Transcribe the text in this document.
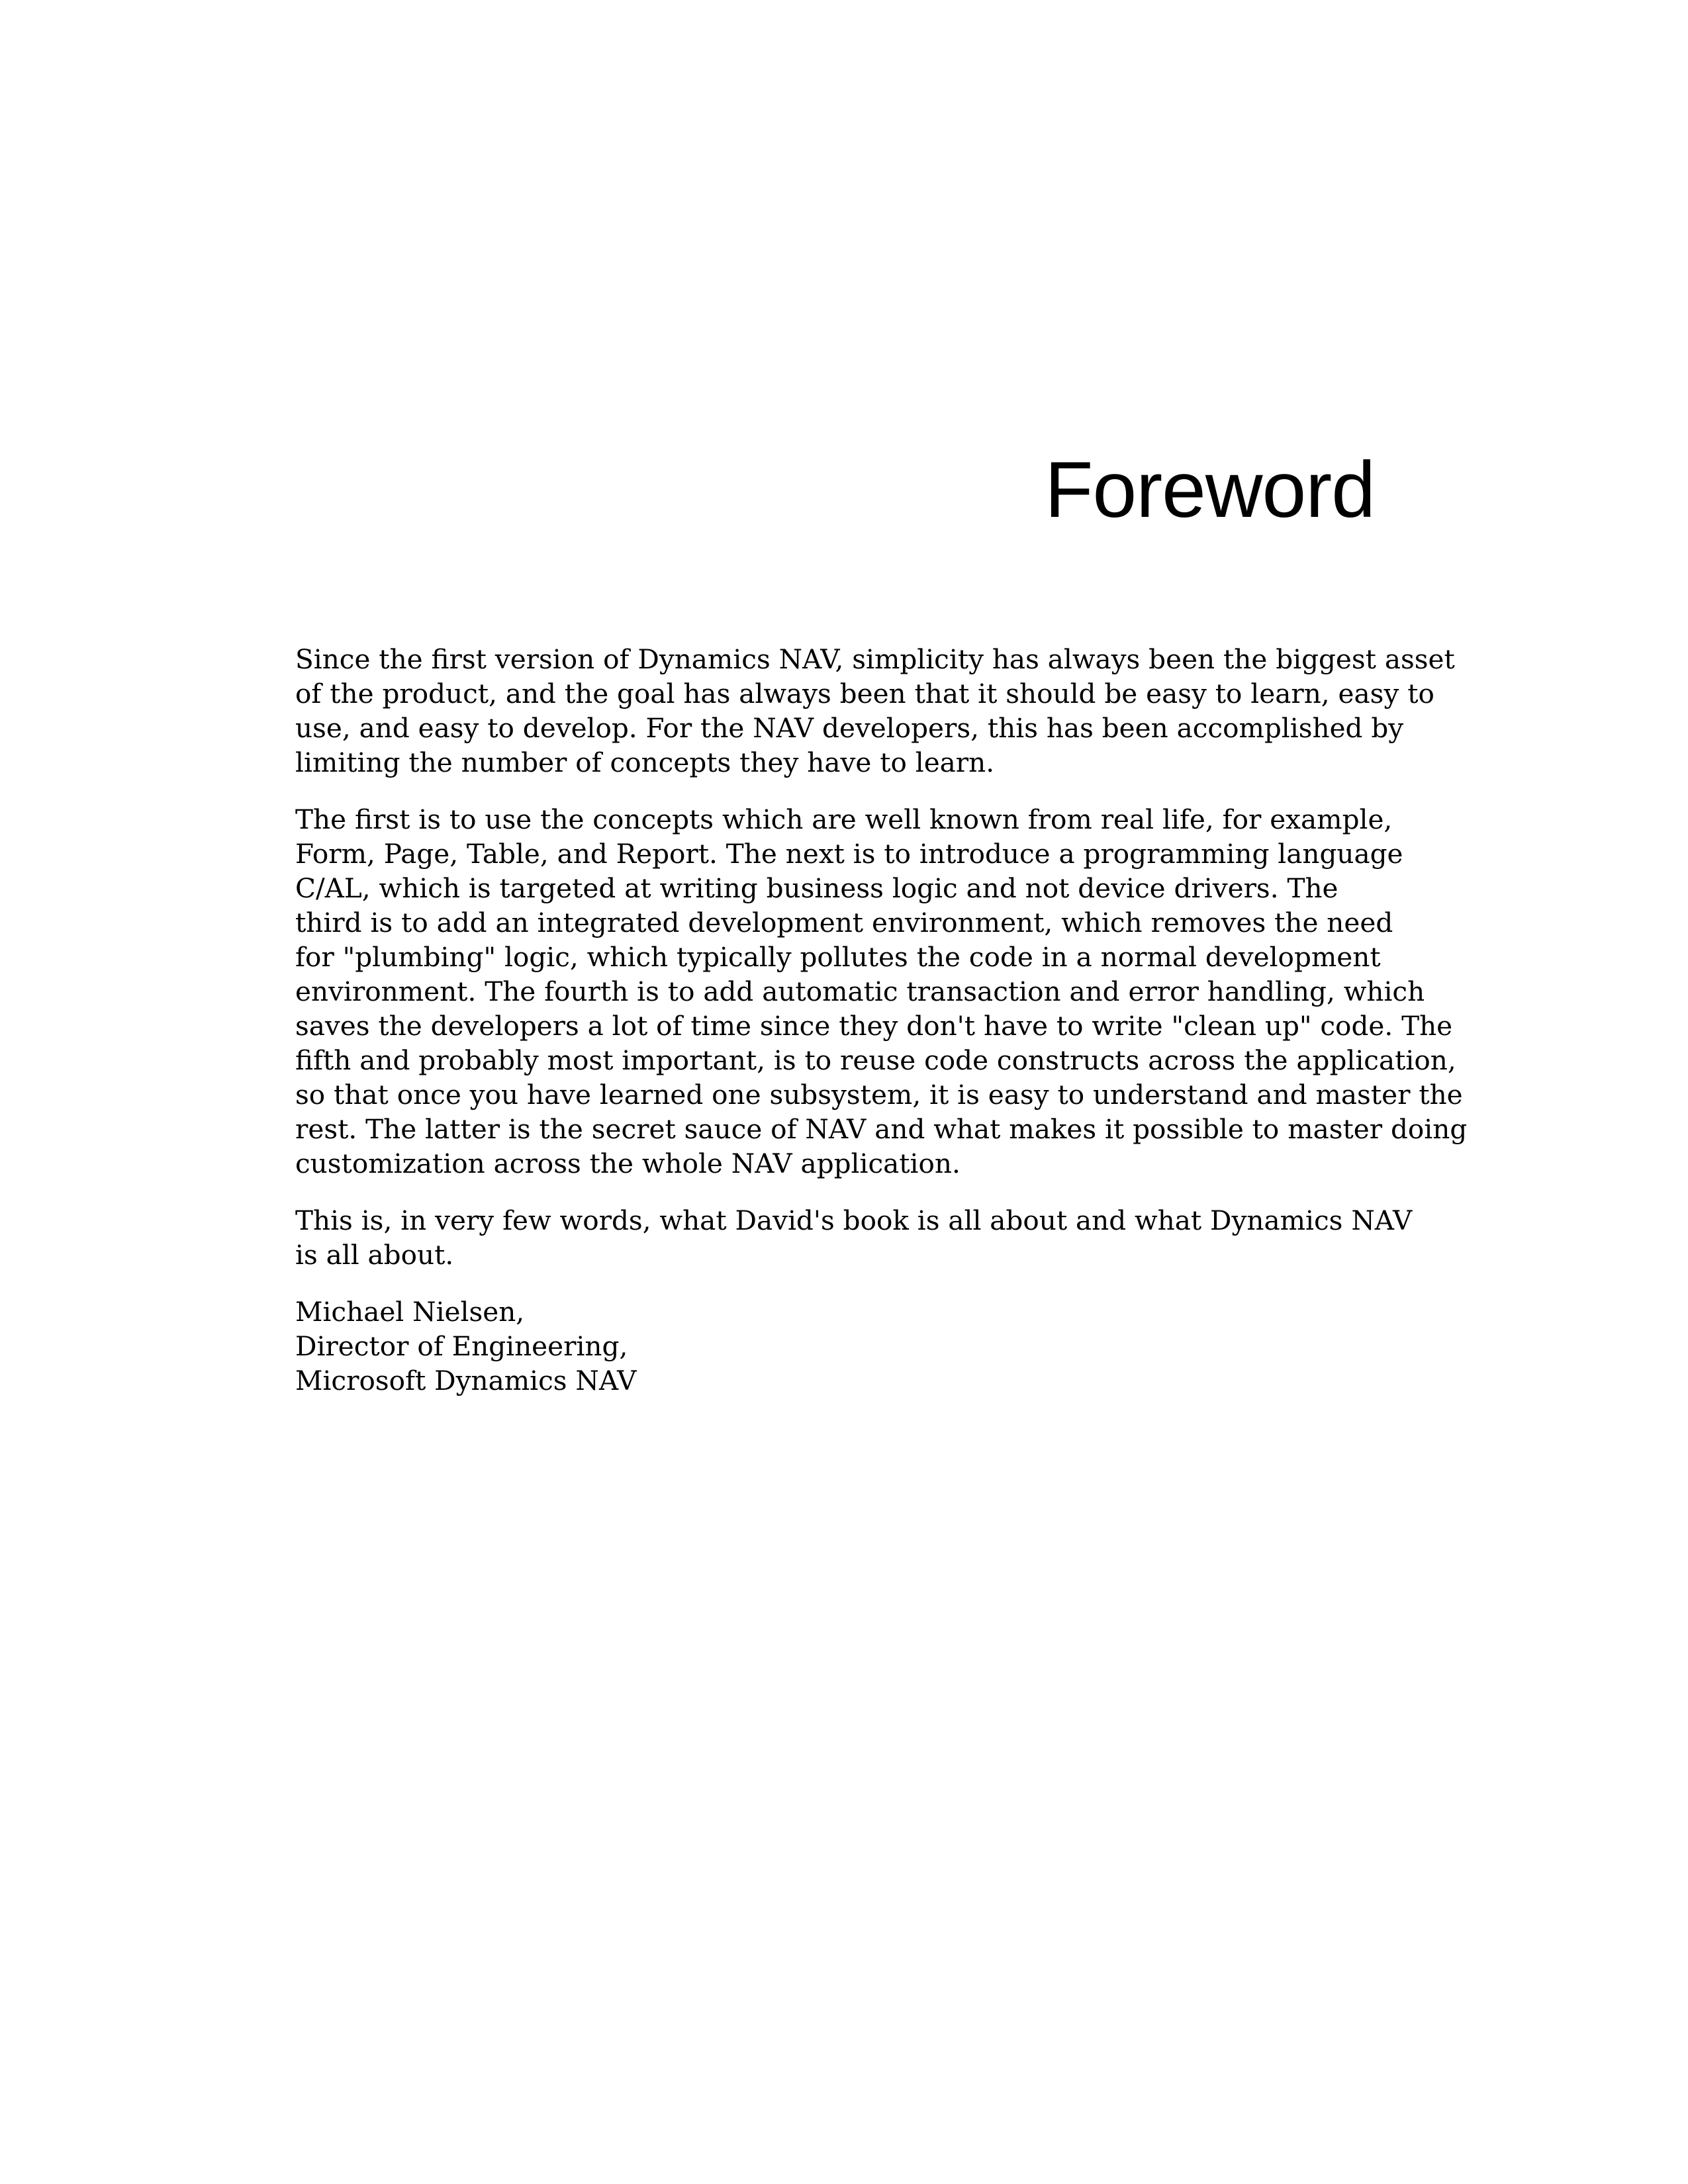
Foreword

Since the first version of Dynamics NAV, simplicity has always been the biggest asset
of the product, and the goal has always been that it should be easy to learn, easy to
use, and easy to develop. For the NAV developers, this has been accomplished by
limiting the number of concepts they have to learn.

The first is to use the concepts which are well known from real life, for example,
Form, Page, Table, and Report. The next is to introduce a programming language
C/AL, which is targeted at writing business logic and not device drivers. The
third is to add an integrated development environment, which removes the need
for "plumbing" logic, which typically pollutes the code in a normal development
environment. The fourth is to add automatic transaction and error handling, which
saves the developers a lot of time since they don't have to write "clean up" code. The
fifth and probably most important, is to reuse code constructs across the application,
so that once you have learned one subsystem, it is easy to understand and master the
rest. The latter is the secret sauce of NAV and what makes it possible to master doing
customization across the whole NAV application.

This is, in very few words, what David's book is all about and what Dynamics NAV
is all about.

Michael Nielsen,
Director of Engineering,
Microsoft Dynamics NAV
